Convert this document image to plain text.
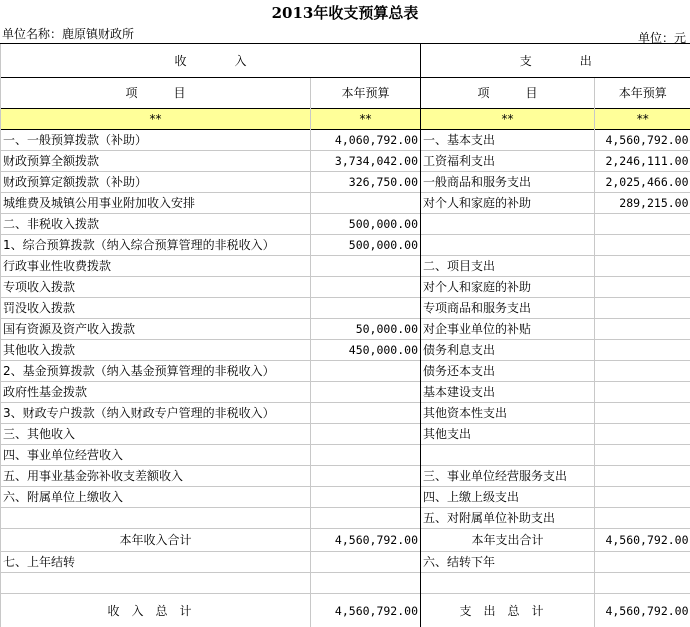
2013年收支预算总表
单位名称：鹿原镇财政所	单位：元
收　　　　入		支　　　　出	
项　　　目	本年预算	项　　　目	本年预算
**	**	**	**
一、一般预算拨款（补助）	4,060,792.00	一、基本支出	4,560,792.00
财政预算全额拨款	3,734,042.00	工资福利支出	2,246,111.00
财政预算定额拨款（补助）	326,750.00	一般商品和服务支出	2,025,466.00
城维费及城镇公用事业附加收入安排		对个人和家庭的补助	289,215.00
二、非税收入拨款	500,000.00		
1、综合预算拨款（纳入综合预算管理的非税收入）	500,000.00		
行政事业性收费拨款		二、项目支出	
专项收入拨款		对个人和家庭的补助	
罚没收入拨款		专项商品和服务支出	
国有资源及资产收入拨款	50,000.00	对企事业单位的补贴	
其他收入拨款	450,000.00	债务利息支出	
2、基金预算拨款（纳入基金预算管理的非税收入）		债务还本支出	
政府性基金拨款		基本建设支出	
3、财政专户拨款（纳入财政专户管理的非税收入）		其他资本性支出	
三、其他收入		其他支出	
四、事业单位经营收入			
五、用事业基金弥补收支差额收入		三、事业单位经营服务支出	
六、附属单位上缴收入		四、上缴上级支出	
		五、对附属单位补助支出	
本年收入合计	4,560,792.00	本年支出合计	4,560,792.00
七、上年结转		六、结转下年	

收入总计	4,560,792.00	支出总计	4,560,792.00
